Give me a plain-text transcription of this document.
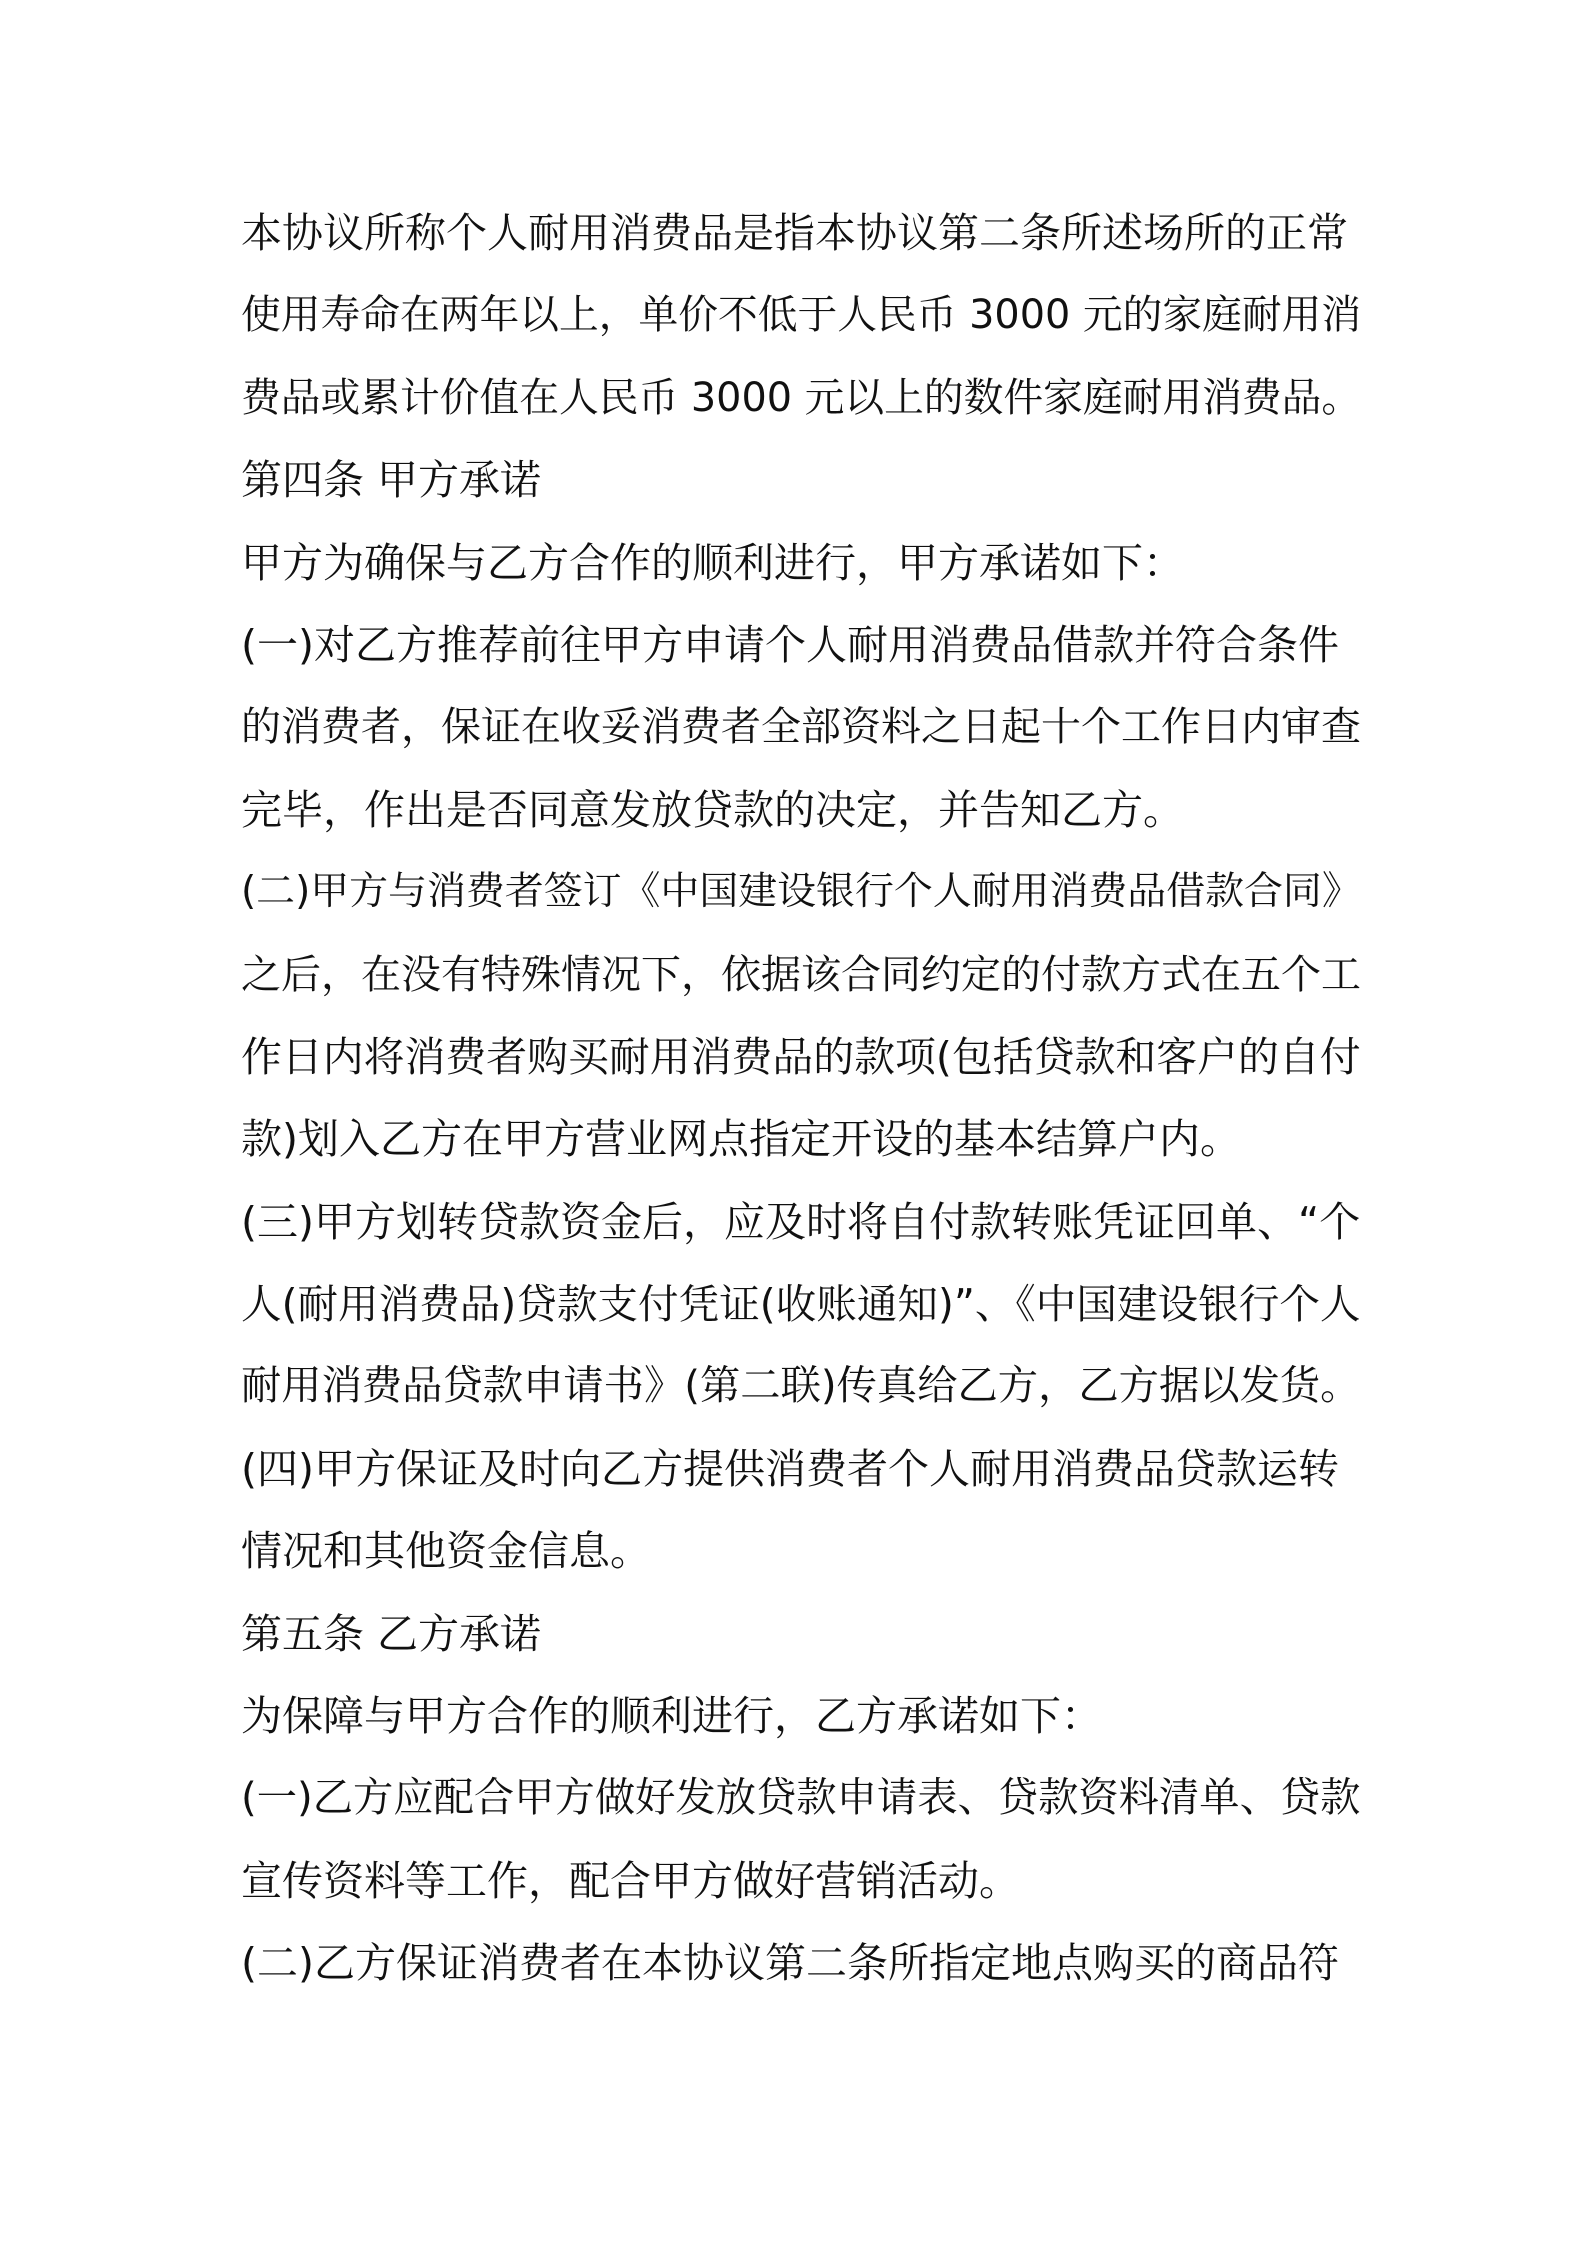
本协议所称个人耐用消费品是指本协议第二条所述场所的正常
使用寿命在两年以上，单价不低于人民币 3000 元的家庭耐用消
费品或累计价值在人民币 3000 元以上的数件家庭耐用消费品。
第四条 甲方承诺
甲方为确保与乙方合作的顺利进行，甲方承诺如下：
(一)对乙方推荐前往甲方申请个人耐用消费品借款并符合条件
的消费者，保证在收妥消费者全部资料之日起十个工作日内审查
完毕，作出是否同意发放贷款的决定，并告知乙方。
(二)甲方与消费者签订《中国建设银行个人耐用消费品借款合同》
之后，在没有特殊情况下，依据该合同约定的付款方式在五个工
作日内将消费者购买耐用消费品的款项(包括贷款和客户的自付
款)划入乙方在甲方营业网点指定开设的基本结算户内。
(三)甲方划转贷款资金后，应及时将自付款转账凭证回单、“个
人(耐用消费品)贷款支付凭证(收账通知)”、《中国建设银行个人
耐用消费品贷款申请书》(第二联)传真给乙方，乙方据以发货。
(四)甲方保证及时向乙方提供消费者个人耐用消费品贷款运转
情况和其他资金信息。
第五条 乙方承诺
为保障与甲方合作的顺利进行，乙方承诺如下：
(一)乙方应配合甲方做好发放贷款申请表、贷款资料清单、贷款
宣传资料等工作，配合甲方做好营销活动。
(二)乙方保证消费者在本协议第二条所指定地点购买的商品符
